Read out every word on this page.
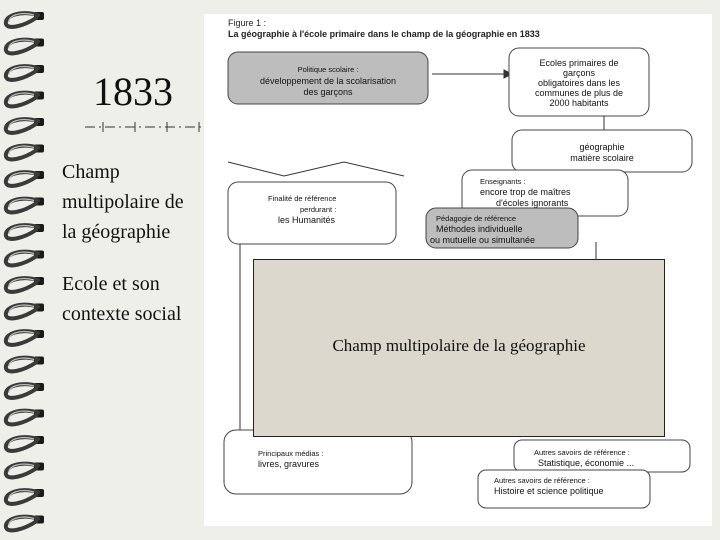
1833

Champ multipolaire de la géographie

Ecole et son contexte social

Figure 1 :
La géographie à l'école primaire dans le champ de la géographie en 1833
Politique scolaire :
développement de la scolarisation
des garçons
Ecoles primaires de
garçons
obligatoires dans les
communes de plus de
2000 habitants
géographie
matière scolaire
Enseignants :
encore trop de maîtres
d'écoles ignorants
Finalité de référence
perdurant :
les Humanités	Pédagogie de référence
Méthodes individuelle
ou mutuelle ou simultanée
Principaux médias :
livres, gravures
Autres savoirs de référence :
Statistique, économie ...
Autres savoirs de référence :
Histoire et science politique
Champ multipolaire de la géographie
